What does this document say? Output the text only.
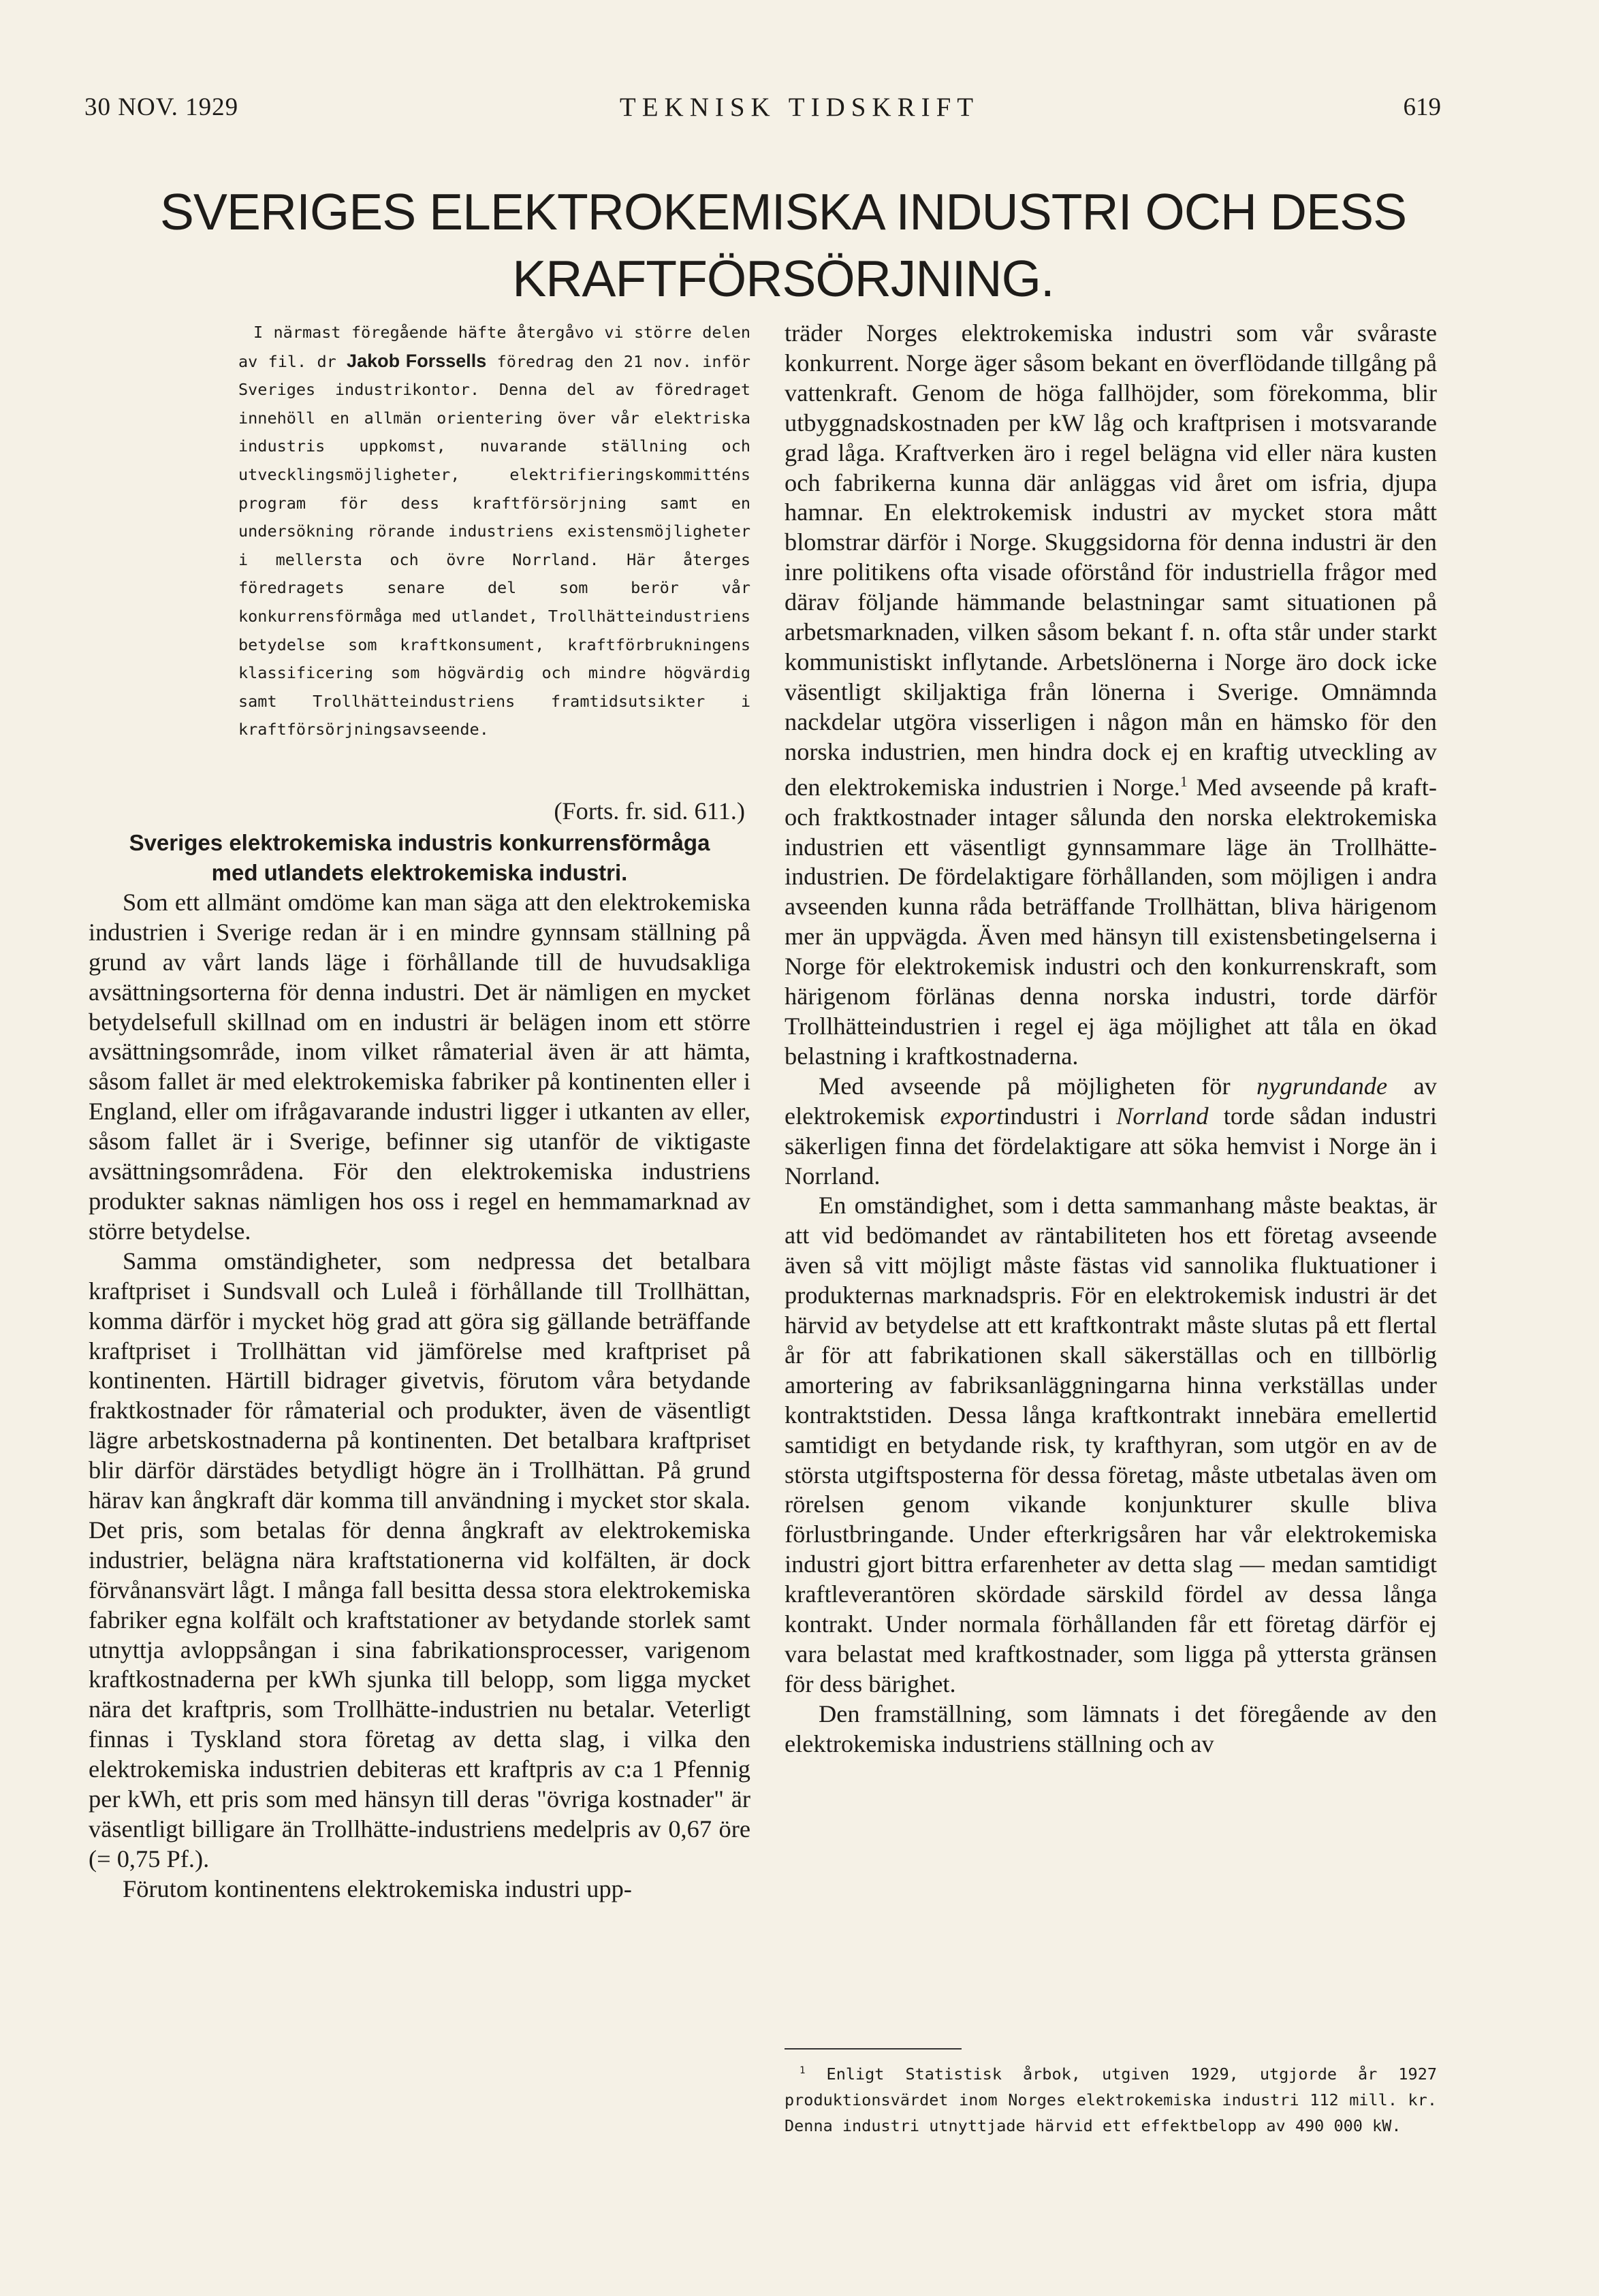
30 NOV. 1929	TEKNISK TIDSKRIFT	619
SVERIGES ELEKTROKEMISKA INDUSTRI OCH DESS
KRAFTFÖRSÖRJNING.

I närmast föregående häfte återgåvo vi större delen av fil. dr Jakob Forssells föredrag den 21 nov. inför Sveriges industrikontor. Denna del av föredraget innehöll en allmän orientering över vår elektriska industris uppkomst, nuvarande ställning och utvecklingsmöjligheter, elektrifieringskommitténs program för dess kraftförsörjning samt en undersökning rörande industriens existensmöjligheter i mellersta och övre Norrland. Här återges föredragets senare del som berör vår konkurrensförmåga med utlandet, Trollhätteindustriens betydelse som kraftkonsument, kraftförbrukningens klassificering som högvärdig och mindre högvärdig samt Trollhätteindustriens framtidsutsikter i kraftförsörjningsavseende.

(Forts. fr. sid. 611.)

Sveriges elektrokemiska industris konkurrensförmåga
med utlandets elektrokemiska industri.

Som ett allmänt omdöme kan man säga att den elektrokemiska industrien i Sverige redan är i en mindre gynnsam ställning på grund av vårt lands läge i förhållande till de huvudsakliga avsättningsorterna för denna industri. Det är nämligen en mycket betydelsefull skillnad om en industri är belägen inom ett större avsättningsområde, inom vilket råmaterial även är att hämta, såsom fallet är med elektrokemiska fabriker på kontinenten eller i England, eller om ifrågavarande industri ligger i utkanten av eller, såsom fallet är i Sverige, befinner sig utanför de viktigaste avsättningsområdena. För den elektrokemiska industriens produkter saknas nämligen hos oss i regel en hemmamarknad av större betydelse.

Samma omständigheter, som nedpressa det betalbara kraftpriset i Sundsvall och Luleå i förhållande till Trollhättan, komma därför i mycket hög grad att göra sig gällande beträffande kraftpriset i Trollhättan vid jämförelse med kraftpriset på kontinenten. Härtill bidrager givetvis, förutom våra betydande fraktkostnader för råmaterial och produkter, även de väsentligt lägre arbetskostnaderna på kontinenten. Det betalbara kraftpriset blir därför därstädes betydligt högre än i Trollhättan. På grund härav kan ångkraft där komma till användning i mycket stor skala. Det pris, som betalas för denna ångkraft av elektrokemiska industrier, belägna nära kraftstationerna vid kolfälten, är dock förvånansvärt lågt. I många fall besitta dessa stora elektrokemiska fabriker egna kolfält och kraftstationer av betydande storlek samt utnyttja avloppsångan i sina fabrikationsprocesser, varigenom kraftkostnaderna per kWh sjunka till belopp, som ligga mycket nära det kraftpris, som Trollhätte-industrien nu betalar. Veterligt finnas i Tyskland stora företag av detta slag, i vilka den elektrokemiska industrien debiteras ett kraftpris av c:a 1 Pfennig per kWh, ett pris som med hänsyn till deras "övriga kostnader" är väsentligt billigare än Trollhätte-industriens medelpris av 0,67 öre (= 0,75 Pf.).

Förutom kontinentens elektrokemiska industri upp-

träder Norges elektrokemiska industri som vår svåraste konkurrent. Norge äger såsom bekant en överflödande tillgång på vattenkraft. Genom de höga fallhöjder, som förekomma, blir utbyggnadskostnaden per kW låg och kraftprisen i motsvarande grad låga. Kraftverken äro i regel belägna vid eller nära kusten och fabrikerna kunna där anläggas vid året om isfria, djupa hamnar. En elektrokemisk industri av mycket stora mått blomstrar därför i Norge. Skuggsidorna för denna industri är den inre politikens ofta visade oförstånd för industriella frågor med därav följande hämmande belastningar samt situationen på arbetsmarknaden, vilken såsom bekant f. n. ofta står under starkt kommunistiskt inflytande. Arbetslönerna i Norge äro dock icke väsentligt skiljaktiga från lönerna i Sverige. Omnämnda nackdelar utgöra visserligen i någon mån en hämsko för den norska industrien, men hindra dock ej en kraftig utveckling av den elektrokemiska industrien i Norge.$^1$ Med avseende på kraft- och fraktkostnader intager sålunda den norska elektrokemiska industrien ett väsentligt gynnsammare läge än Trollhätte-industrien. De fördelaktigare förhållanden, som möjligen i andra avseenden kunna råda beträffande Trollhättan, bliva härigenom mer än uppvägda. Även med hänsyn till existensbetingelserna i Norge för elektrokemisk industri och den konkurrenskraft, som härigenom förlänas denna norska industri, torde därför Trollhätteindustrien i regel ej äga möjlighet att tåla en ökad belastning i kraftkostnaderna.

Med avseende på möjligheten för nygrundande av elektrokemisk exportindustri i Norrland torde sådan industri säkerligen finna det fördelaktigare att söka hemvist i Norge än i Norrland.

En omständighet, som i detta sammanhang måste beaktas, är att vid bedömandet av räntabiliteten hos ett företag avseende även så vitt möjligt måste fästas vid sannolika fluktuationer i produkternas marknadspris. För en elektrokemisk industri är det härvid av betydelse att ett kraftkontrakt måste slutas på ett flertal år för att fabrikationen skall säkerställas och en tillbörlig amortering av fabriksanläggningarna hinna verkställas under kontraktstiden. Dessa långa kraftkontrakt innebära emellertid samtidigt en betydande risk, ty krafthyran, som utgör en av de största utgiftsposterna för dessa företag, måste utbetalas även om rörelsen genom vikande konjunkturer skulle bliva förlustbringande. Under efterkrigsåren har vår elektrokemiska industri gjort bittra erfarenheter av detta slag — medan samtidigt kraftleverantören skördade särskild fördel av dessa långa kontrakt. Under normala förhållanden får ett företag därför ej vara belastat med kraftkostnader, som ligga på yttersta gränsen för dess bärighet.

Den framställning, som lämnats i det föregående av den elektrokemiska industriens ställning och av

$^1$ Enligt Statistisk årbok, utgiven 1929, utgjorde år 1927 produktionsvärdet inom Norges elektrokemiska industri 112 mill. kr. Denna industri utnyttjade härvid ett effektbelopp av 490 000 kW.
